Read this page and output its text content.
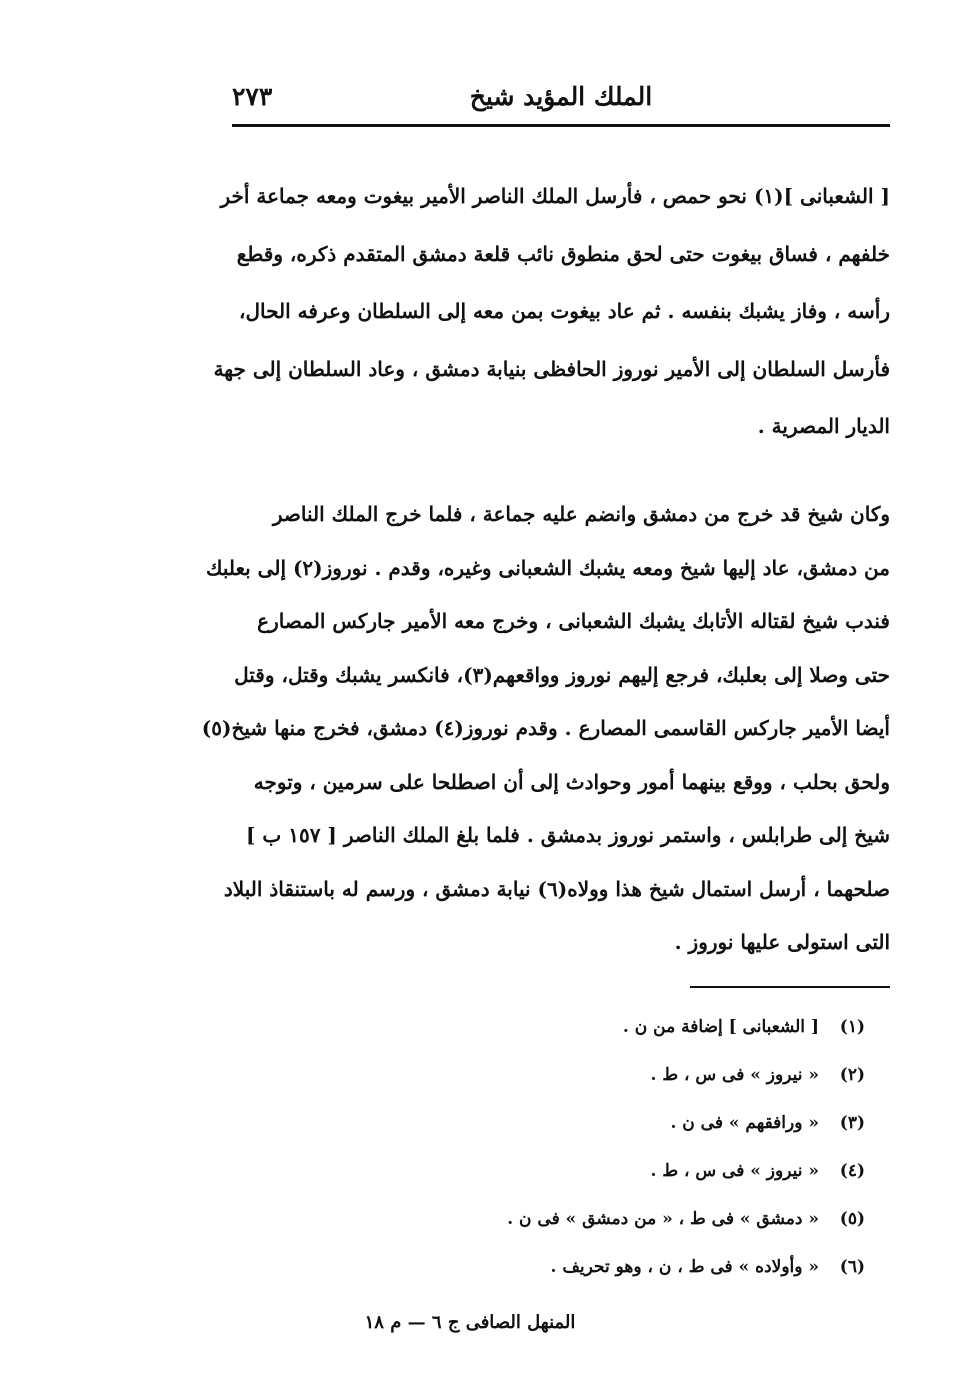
الملك المؤيد شيخ
٢٧٣
[ الشعبانى ](١) نحو حمص ، فأرسل الملك الناصر الأمير بيغوت ومعه جماعة أخر
خلفهم ، فساق بيغوت حتى لحق منطوق نائب قلعة دمشق المتقدم ذكره، وقطع
رأسه ، وفاز يشبك بنفسه . ثم عاد بيغوت بمن معه إلى السلطان وعرفه الحال،
فأرسل السلطان إلى الأمير نوروز الحافظى بنيابة دمشق ، وعاد السلطان إلى جهة
الديار المصرية .
وكان شيخ قد خرج من دمشق وانضم عليه جماعة ، فلما خرج الملك الناصر
من دمشق، عاد إليها شيخ ومعه يشبك الشعبانى وغيره، وقدم . نوروز(٢) إلى بعلبك
فندب شيخ لقتاله الأتابك يشبك الشعبانى ، وخرج معه الأمير جاركس المصارع
حتى وصلا إلى بعلبك، فرجع إليهم نوروز وواقعهم(٣)، فانكسر يشبك وقتل، وقتل
أيضا الأمير جاركس القاسمى المصارع . وقدم نوروز(٤) دمشق، فخرج منها شيخ(٥)
ولحق بحلب ، ووقع بينهما أمور وحوادث إلى أن اصطلحا على سرمين ، وتوجه
شيخ إلى طرابلس ، واستمر نوروز بدمشق . فلما بلغ الملك الناصر [ ١٥٧ ب ]
صلحهما ، أرسل استمال شيخ هذا وولاه(٦) نيابة دمشق ، ورسم له باستنقاذ البلاد
التى استولى عليها نوروز .
(١)[ الشعبانى ] إضافة من ن .
(٢)« نيروز » فى س ، ط .
(٣)« ورافقهم » فى ن .
(٤)« نيروز » فى س ، ط .
(٥)« دمشق » فى ط ، « من دمشق » فى ن .
(٦)« وأولاده » فى ط ، ن ، وهو تحريف .
المنهل الصافى ج ٦ — م ١٨
